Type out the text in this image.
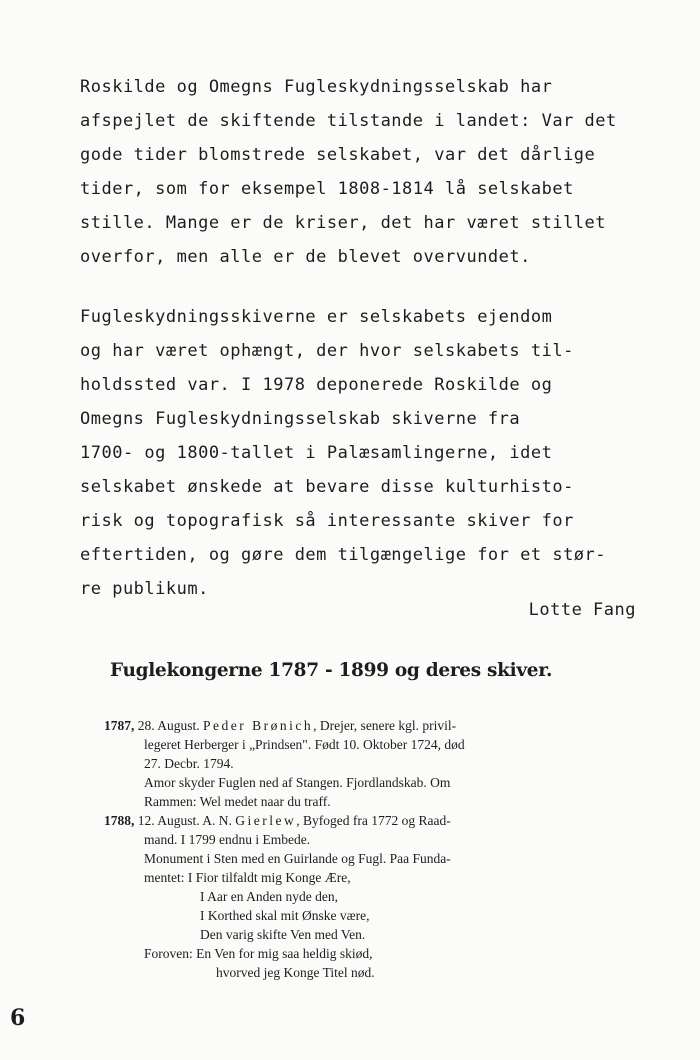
Roskilde og Omegns Fugleskydningsselskab har
afspejlet de skiftende tilstande i landet: Var det
gode tider blomstrede selskabet, var det dårlige
tider, som for eksempel 1808-1814 lå selskabet
stille. Mange er de kriser, det har været stillet
overfor, men alle er de blevet overvundet.
Fugleskydningsskiverne er selskabets ejendom
og har været ophængt, der hvor selskabets til-
holdssted var. I 1978 deponerede Roskilde og
Omegns Fugleskydningsselskab skiverne fra
1700- og 1800-tallet i Palæsamlingerne, idet
selskabet ønskede at bevare disse kulturhisto-
risk og topografisk så interessante skiver for
eftertiden, og gøre dem tilgængelige for et stør-
re publikum.
Lotte Fang
Fuglekongerne 1787 - 1899 og deres skiver.
1787, 28. August. Peder Brønich, Drejer, senere kgl. privil-
legeret Herberger i „Prindsen". Født 10. Oktober 1724, død
27. Decbr. 1794.
Amor skyder Fuglen ned af Stangen. Fjordlandskab. Om
Rammen: Wel medet naar du traff.
1788, 12. August. A. N. Gierlew, Byfoged fra 1772 og Raad-
mand. I 1799 endnu i Embede.
Monument i Sten med en Guirlande og Fugl. Paa Funda-
mentet: I Fior tilfaldt mig Konge Ære,
I Aar en Anden nyde den,
I Korthed skal mit Ønske være,
Den varig skifte Ven med Ven.
Foroven: En Ven for mig saa heldig skiød,
hvorved jeg Konge Titel nød.
6
